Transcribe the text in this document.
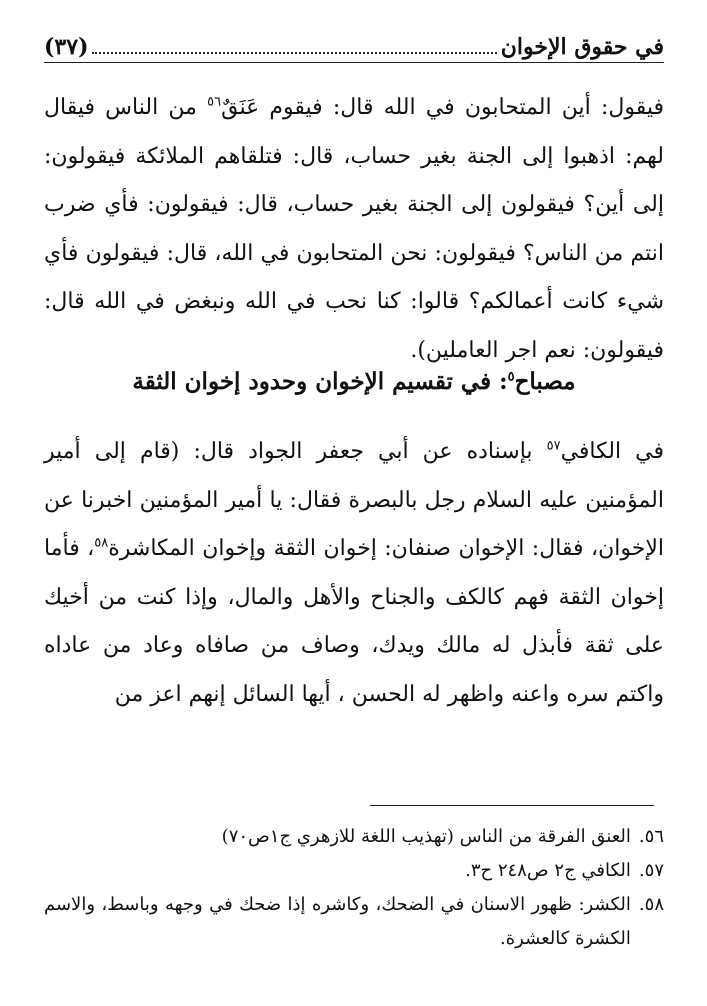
في حقوق الإخوان
(٣٧)

فيقول: أين المتحابون في الله قال: فيقوم عَنَقٌ$^{٥٦}$ من الناس فيقال لهم: اذهبوا إلى الجنة بغير حساب، قال: فتلقاهم الملائكة فيقولون: إلى أين؟ فيقولون إلى الجنة بغير حساب، قال: فيقولون: فأي ضرب انتم من الناس؟ فيقولون: نحن المتحابون في الله، قال: فيقولون فأي شيء كانت أعمالكم؟ قالوا: كنا نحب في الله ونبغض في الله قال: فيقولون: نعم اجر العاملين).

مصباح$^٥$: في تقسيم الإخوان وحدود إخوان الثقة

في الكافي$^{٥٧}$ بإسناده عن أبي جعفر الجواد قال: (قام إلى أمير المؤمنين عليه السلام رجل بالبصرة فقال: يا أمير المؤمنين اخبرنا عن الإخوان، فقال: الإخوان صنفان: إخوان الثقة وإخوان المكاشرة$^{٥٨}$، فأما إخوان الثقة فهم كالكف والجناح والأهل والمال، وإذا كنت من أخيك على ثقة فأبذل له مالك ويدك، وصاف من صافاه وعاد من عاداه واكتم سره واعنه واظهر له الحسن ، أيها السائل إنهم اعز من

٥٦.
العنق الفرقة من الناس (تهذيب اللغة للازهري ج١ص٧٠)
٥٧.
الكافي ج٢ ص٢٤٨ ح٣.
٥٨.
الكشر: ظهور الاسنان في الضحك، وكاشره إذا ضحك في وجهه وباسط، والاسم الكشرة كالعشرة.
